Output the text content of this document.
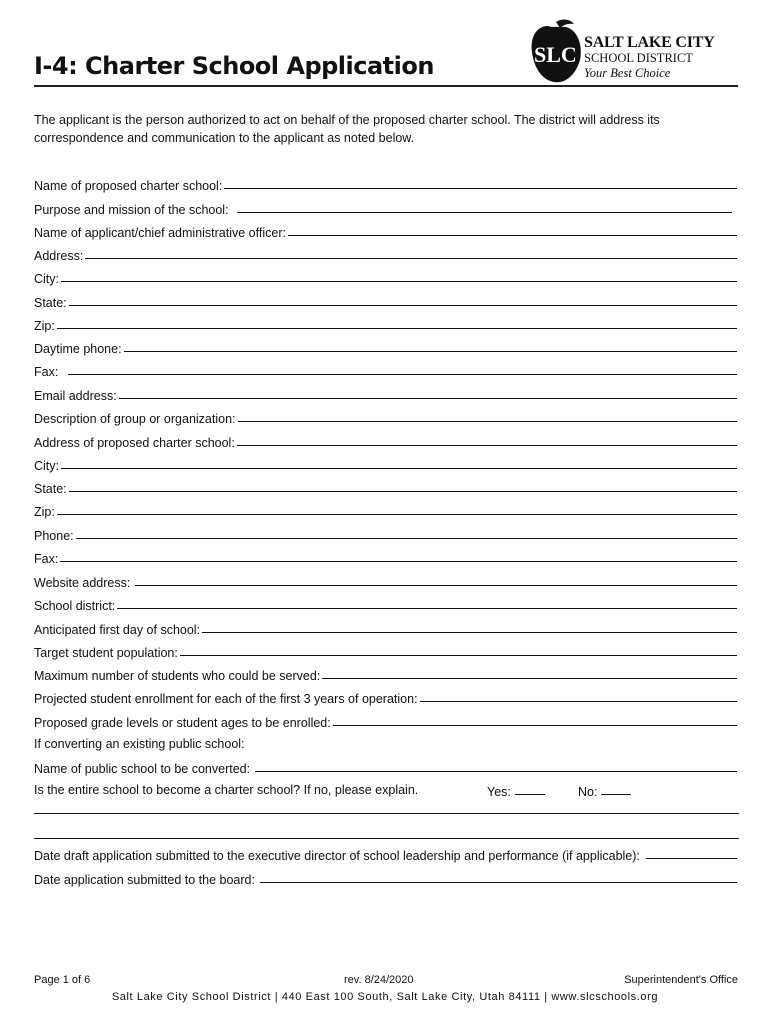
I-4: Charter School Application	SLC SALT LAKE CITY
SCHOOL DISTRICT
Your Best Choice
The applicant is the person authorized to act on behalf of the proposed charter school. The district will address its correspondence and communication to the applicant as noted below.
Name of proposed charter school:
Purpose and mission of the school:
Name of applicant/chief administrative officer:
Address:
City:
State:
Zip:
Daytime phone:
Fax:
Email address:
Description of group or organization:
Address of proposed charter school:
City:
State:
Zip:
Phone:
Fax:
Website address:
School district:
Anticipated first day of school:
Target student population:
Maximum number of students who could be served:
Projected student enrollment for each of the first 3 years of operation:
Proposed grade levels or student ages to be enrolled:
If converting an existing public school:
Name of public school to be converted:
Is the entire school to become a charter school? If no, please explain.	Yes:	No:
Date draft application submitted to the executive director of school leadership and performance (if applicable):
Date application submitted to the board:
Page 1 of 6	rev. 8/24/2020	Superintendent's Office
Salt Lake City School District | 440 East 100 South, Salt Lake City, Utah 84111 | www.slcschools.org
